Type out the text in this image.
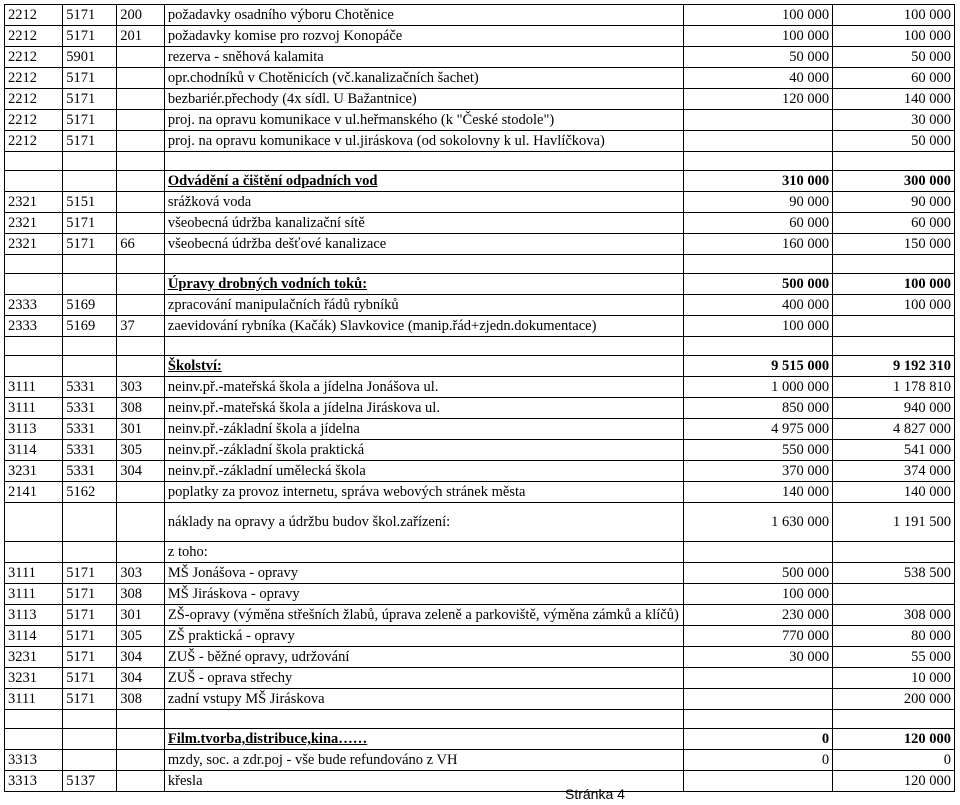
2212	5171	200	požadavky osadního výboru Chotěnice	100 000	100 000
2212	5171	201	požadavky komise pro rozvoj Konopáče	100 000	100 000
2212	5901		rezerva - sněhová kalamita	50 000	50 000
2212	5171		opr.chodníků v Chotěnicích (vč.kanalizačních šachet)	40 000	60 000
2212	5171		bezbariér.přechody (4x sídl. U Bažantnice)	120 000	140 000
2212	5171		proj. na opravu komunikace v ul.heřmanského (k "České stodole")		30 000
2212	5171		proj. na opravu komunikace v ul.jiráskova (od sokolovny k ul. Havlíčkova)		50 000

			Odvádění a čištění odpadních vod	310 000	300 000
2321	5151		srážková voda	90 000	90 000
2321	5171		všeobecná údržba kanalizační sítě	60 000	60 000
2321	5171	66	všeobecná údržba dešťové kanalizace	160 000	150 000

			Úpravy drobných vodních toků:	500 000	100 000
2333	5169		zpracování manipulačních řádů rybníků	400 000	100 000
2333	5169	37	zaevidování rybníka (Kačák) Slavkovice (manip.řád+zjedn.dokumentace)	100 000	

			Školství:	9 515 000	9 192 310
3111	5331	303	neinv.př.-mateřská škola a jídelna Jonášova ul.	1 000 000	1 178 810
3111	5331	308	neinv.př.-mateřská škola a jídelna Jiráskova ul.	850 000	940 000
3113	5331	301	neinv.př.-základní škola a jídelna	4 975 000	4 827 000
3114	5331	305	neinv.př.-základní škola praktická	550 000	541 000
3231	5331	304	neinv.př.-základní umělecká škola	370 000	374 000
2141	5162		poplatky za provoz internetu, správa webových stránek města	140 000	140 000
			náklady na opravy a údržbu budov škol.zařízení:	1 630 000	1 191 500
			z toho:		
3111	5171	303	MŠ Jonášova - opravy	500 000	538 500
3111	5171	308	MŠ Jiráskova - opravy	100 000	
3113	5171	301	ZŠ-opravy (výměna střešních žlabů, úprava zeleně a parkoviště, výměna zámků a klíčů)	230 000	308 000
3114	5171	305	ZŠ praktická - opravy	770 000	80 000
3231	5171	304	ZUŠ - běžné opravy, udržování	30 000	55 000
3231	5171	304	ZUŠ - oprava střechy		10 000
3111	5171	308	zadní vstupy MŠ Jiráskova		200 000

			Film.tvorba,distribuce,kina……	0	120 000
3313			mzdy, soc. a zdr.poj - vše bude refundováno z VH	0	0
3313	5137		křesla		120 000
Stránka 4
